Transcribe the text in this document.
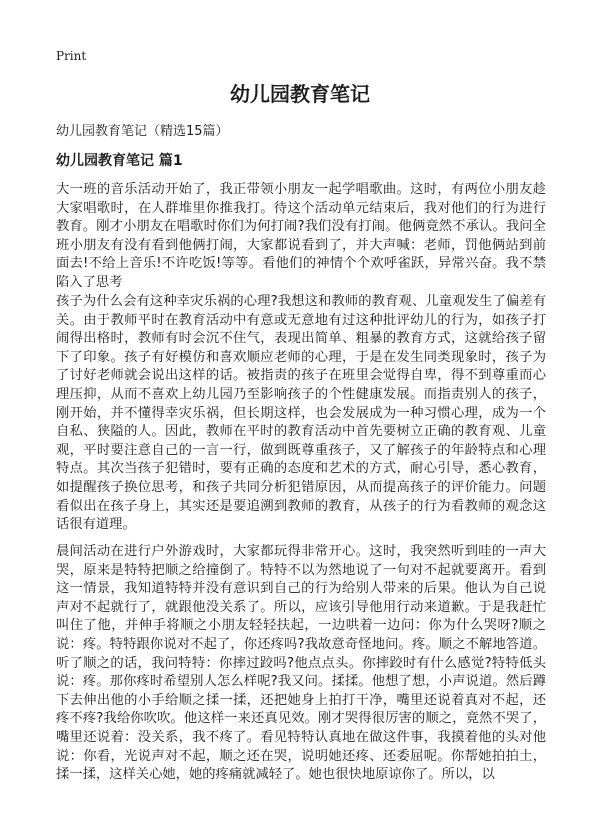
Print
幼儿园教育笔记
幼儿园教育笔记（精选15篇）
幼儿园教育笔记 篇1

大一班的音乐活动开始了，我正带领小朋友一起学唱歌曲。这时，有两位小朋友趁大家唱歌时，在人群堆里你推我打。待这个活动单元结束后，我对他们的行为进行教育。刚才小朋友在唱歌时你们为何打闹?我们没有打闹。他俩竟然不承认。我问全班小朋友有没有看到他俩打闹，大家都说看到了，并大声喊：老师，罚他俩站到前面去!不给上音乐!不许吃饭!等等。看他们的神情个个欢呼雀跃，异常兴奋。我不禁陷入了思考

孩子为什么会有这种幸灾乐祸的心理?我想这和教师的教育观、儿童观发生了偏差有关。由于教师平时在教育活动中有意或无意地有过这种批评幼儿的行为，如孩子打闹得出格时，教师有时会沉不住气，表现出简单、粗暴的教育方式，这就给孩子留下了印象。孩子有好模仿和喜欢顺应老师的心理，于是在发生同类现象时，孩子为了讨好老师就会说出这样的话。被指责的孩子在班里会觉得自卑，得不到尊重而心理压抑，从而不喜欢上幼儿园乃至影响孩子的个性健康发展。而指责别人的孩子，刚开始，并不懂得幸灾乐祸，但长期这样，也会发展成为一种习惯心理，成为一个自私、狭隘的人。因此，教师在平时的教育活动中首先要树立正确的教育观、儿童观，平时要注意自己的一言一行，做到既尊重孩子，又了解孩子的年龄特点和心理特点。其次当孩子犯错时，要有正确的态度和艺术的方式，耐心引导，悉心教育，如提醒孩子换位思考，和孩子共同分析犯错原因，从而提高孩子的评价能力。问题看似出在孩子身上，其实还是要追溯到教师的教育，从孩子的行为看教师的观念这话很有道理。

晨间活动在进行户外游戏时，大家都玩得非常开心。这时，我突然听到哇的一声大哭，原来是特特把顺之给撞倒了。特特不以为然地说了一句对不起就要离开。看到这一情景，我知道特特并没有意识到自己的行为给别人带来的后果。他认为自己说声对不起就行了，就跟他没关系了。所以，应该引导他用行动来道歉。于是我赶忙叫住了他，并伸手将顺之小朋友轻轻扶起，一边哄着一边问：你为什么哭呀?顺之说：疼。特特跟你说对不起了，你还疼吗?我故意奇怪地问。疼。顺之不解地答道。听了顺之的话，我问特特：你摔过跤吗?他点点头。你摔跤时有什么感觉?特特低头说：疼。那你疼时希望别人怎么样呢?我又问。揉揉。他想了想，小声说道。然后蹲下去伸出他的小手给顺之揉一揉，还把她身上拍打干净，嘴里还说着真对不起，还疼不疼?我给你吹吹。他这样一来还真见效。刚才哭得很厉害的顺之，竟然不哭了，嘴里还说着：没关系，我不疼了。看见特特认真地在做这件事，我摸着他的头对他说：你看，光说声对不起，顺之还在哭，说明她还疼、还委屈呢。你帮她拍拍土，揉一揉，这样关心她，她的疼痛就减轻了。她也很快地原谅你了。所以，以
